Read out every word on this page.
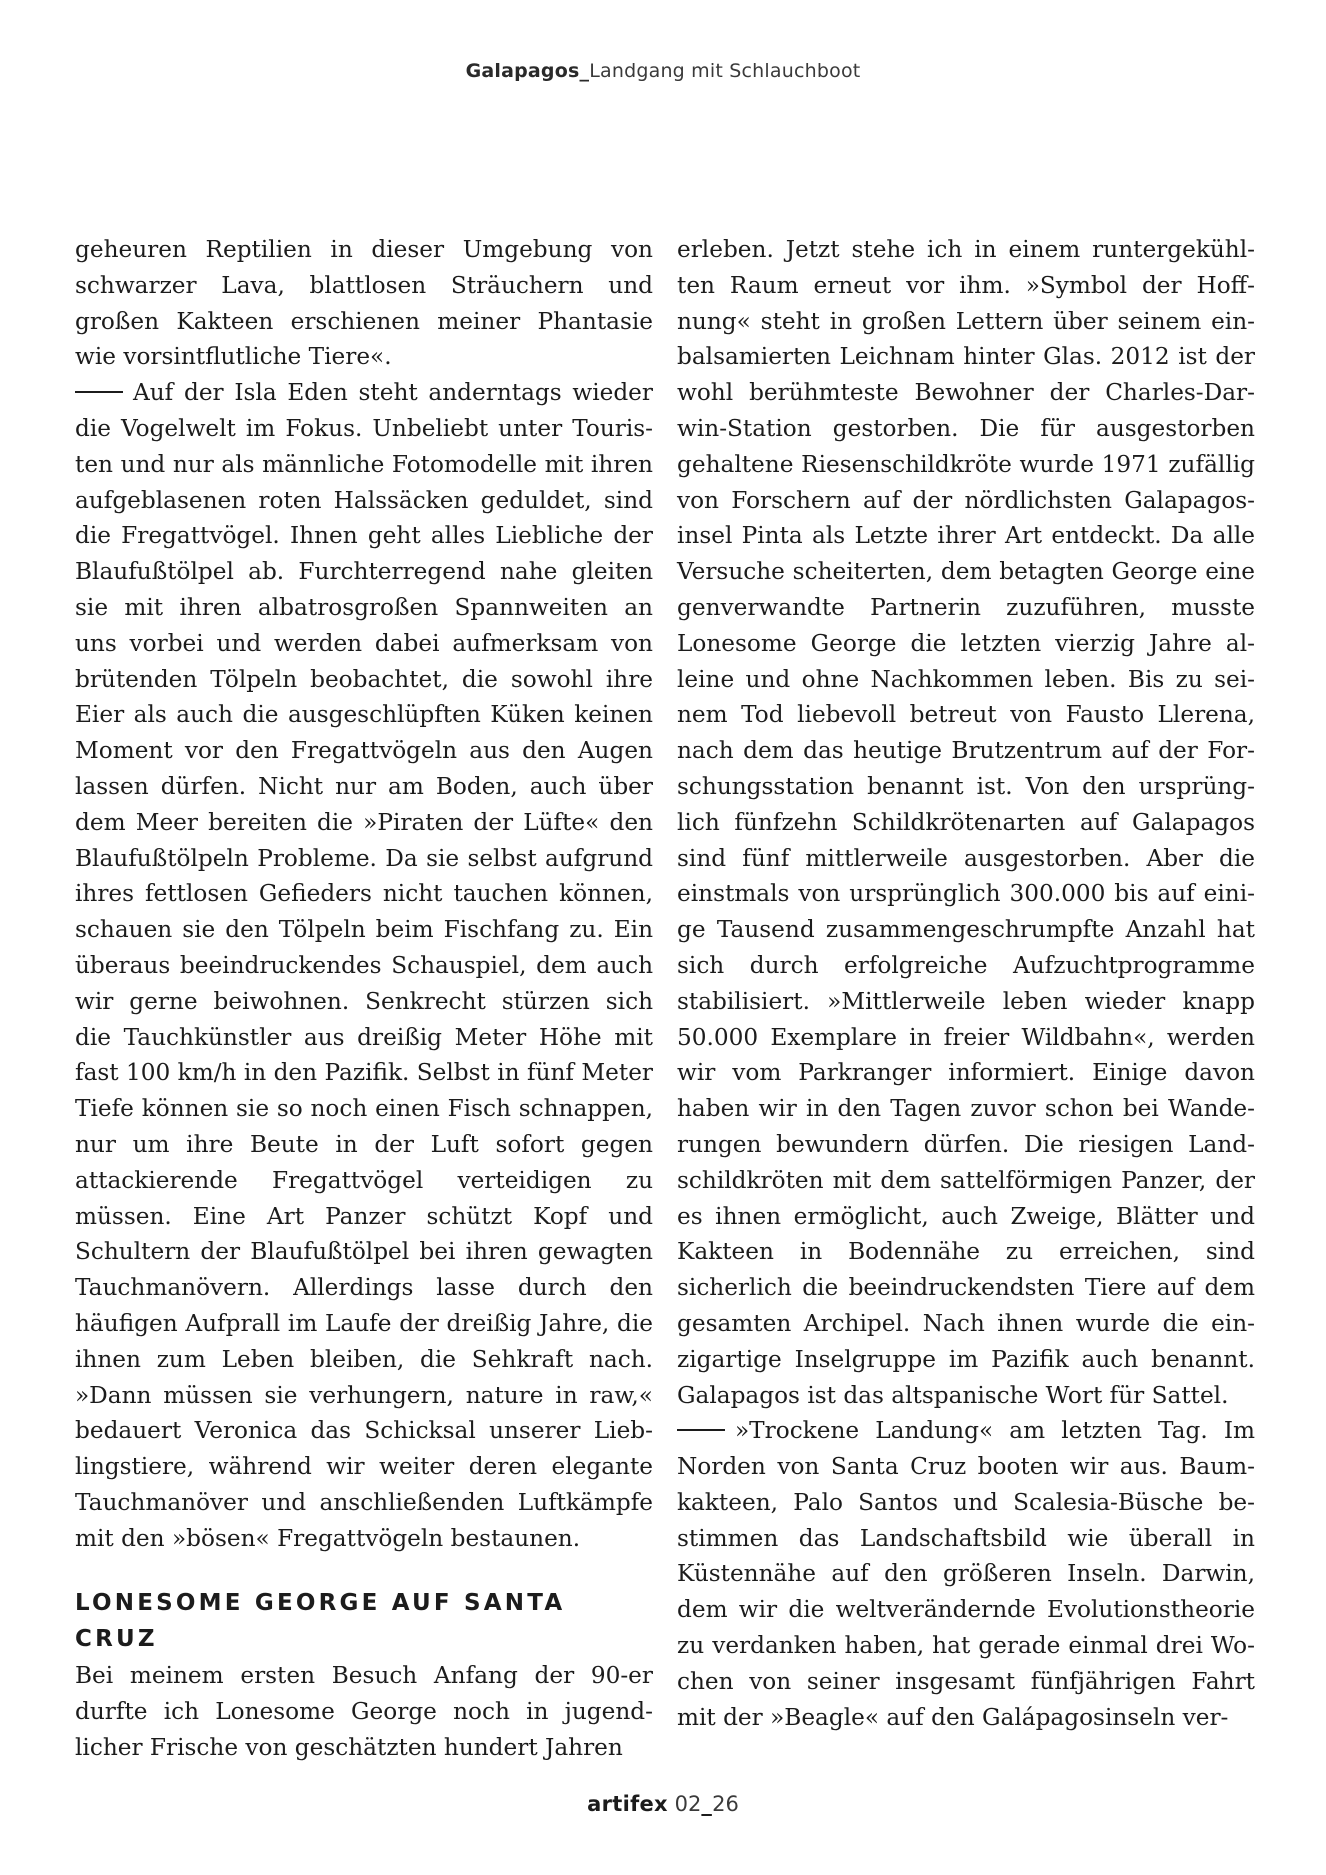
Galapagos_Landgang mit Schlauchboot

geheuren Reptilien in dieser Umgebung von schwarzer Lava, blattlosen Sträuchern und großen Kakteen erschienen meiner Phantasie wie vorsintflutliche Tiere«.

Auf der Isla Eden steht anderntags wieder die Vogelwelt im Fokus. Unbeliebt unter Touristen und nur als männliche Fotomodelle mit ihren aufgeblasenen roten Halssäcken geduldet, sind die Fregattvögel. Ihnen geht alles Liebliche der Blaufußtölpel ab. Furchterregend nahe gleiten sie mit ihren albatrosgroßen Spannweiten an uns vorbei und werden dabei aufmerksam von brütenden Tölpeln beobachtet, die sowohl ihre Eier als auch die ausgeschlüpften Küken keinen Moment vor den Fregattvögeln aus den Augen lassen dürfen. Nicht nur am Boden, auch über dem Meer bereiten die »Piraten der Lüfte« den Blaufußtölpeln Probleme. Da sie selbst aufgrund ihres fettlosen Gefieders nicht tauchen können, schauen sie den Tölpeln beim Fischfang zu. Ein überaus beeindruckendes Schauspiel, dem auch wir gerne beiwohnen. Senkrecht stürzen sich die Tauchkünstler aus dreißig Meter Höhe mit fast 100 km/h in den Pazifik. Selbst in fünf Meter Tiefe können sie so noch einen Fisch schnappen, nur um ihre Beute in der Luft sofort gegen attackierende Fregattvögel verteidigen zu müssen. Eine Art Panzer schützt Kopf und Schultern der Blaufußtölpel bei ihren gewagten Tauchmanövern. Allerdings lasse durch den häufigen Aufprall im Laufe der dreißig Jahre, die ihnen zum Leben bleiben, die Sehkraft nach. »Dann müssen sie verhungern, nature in raw,« bedauert Veronica das Schicksal unserer Lieblingstiere, während wir weiter deren elegante Tauchmanöver und anschließenden Luftkämpfe mit den »bösen« Fregattvögeln bestaunen.

LONESOME GEORGE AUF SANTA CRUZ

Bei meinem ersten Besuch Anfang der 90-er durfte ich Lonesome George noch in jugendlicher Frische von geschätzten hundert Jahren

erleben. Jetzt stehe ich in einem runtergekühlten Raum erneut vor ihm. »Symbol der Hoffnung« steht in großen Lettern über seinem einbalsamierten Leichnam hinter Glas. 2012 ist der wohl berühmteste Bewohner der Charles-Darwin-Station gestorben. Die für ausgestorben gehaltene Riesenschildkröte wurde 1971 zufällig von Forschern auf der nördlichsten Galapagosinsel Pinta als Letzte ihrer Art entdeckt. Da alle Versuche scheiterten, dem betagten George eine genverwandte Partnerin zuzuführen, musste Lonesome George die letzten vierzig Jahre alleine und ohne Nachkommen leben. Bis zu seinem Tod liebevoll betreut von Fausto Llerena, nach dem das heutige Brutzentrum auf der Forschungsstation benannt ist. Von den ursprünglich fünfzehn Schildkrötenarten auf Galapagos sind fünf mittlerweile ausgestorben. Aber die einstmals von ursprünglich 300.000 bis auf einige Tausend zusammengeschrumpfte Anzahl hat sich durch erfolgreiche Aufzuchtprogramme stabilisiert. »Mittlerweile leben wieder knapp 50.000 Exemplare in freier Wildbahn«, werden wir vom Parkranger informiert. Einige davon haben wir in den Tagen zuvor schon bei Wanderungen bewundern dürfen. Die riesigen Landschildkröten mit dem sattelförmigen Panzer, der es ihnen ermöglicht, auch Zweige, Blätter und Kakteen in Bodennähe zu erreichen, sind sicherlich die beeindruckendsten Tiere auf dem gesamten Archipel. Nach ihnen wurde die einzigartige Inselgruppe im Pazifik auch benannt. Galapagos ist das altspanische Wort für Sattel.

»Trockene Landung« am letzten Tag. Im Norden von Santa Cruz booten wir aus. Baumkakteen, Palo Santos und Scalesia-Büsche bestimmen das Landschaftsbild wie überall in Küstennähe auf den größeren Inseln. Darwin, dem wir die weltverändernde Evolutionstheorie zu verdanken haben, hat gerade einmal drei Wochen von seiner insgesamt fünfjährigen Fahrt mit der »Beagle« auf den Galápagosinseln ver-

artifex 02_26
